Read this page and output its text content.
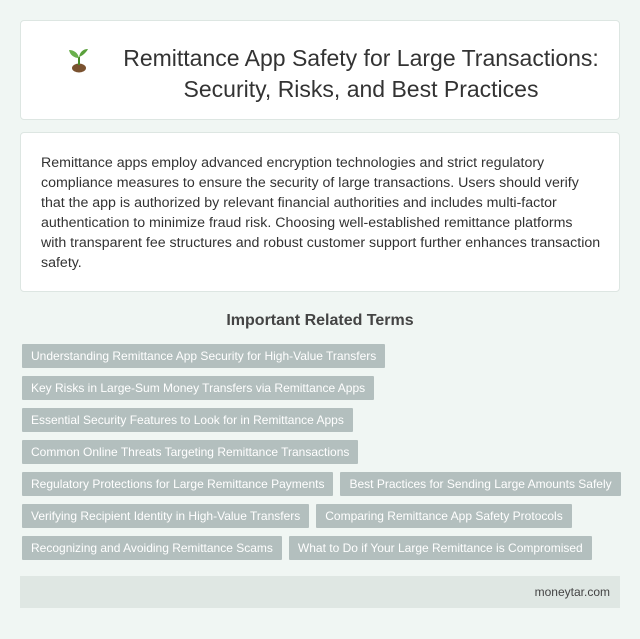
Remittance App Safety for Large Transactions: Security, Risks, and Best Practices

Remittance apps employ advanced encryption technologies and strict regulatory compliance measures to ensure the security of large transactions. Users should verify that the app is authorized by relevant financial authorities and includes multi-factor authentication to minimize fraud risk. Choosing well-established remittance platforms with transparent fee structures and robust customer support further enhances transaction safety.

Important Related Terms
Understanding Remittance App Security for High-Value Transfers
Key Risks in Large-Sum Money Transfers via Remittance Apps
Essential Security Features to Look for in Remittance Apps
Common Online Threats Targeting Remittance Transactions
Regulatory Protections for Large Remittance Payments	Best Practices for Sending Large Amounts Safely
Verifying Recipient Identity in High-Value Transfers	Comparing Remittance App Safety Protocols
Recognizing and Avoiding Remittance Scams	What to Do if Your Large Remittance is Compromised
moneytar.com
